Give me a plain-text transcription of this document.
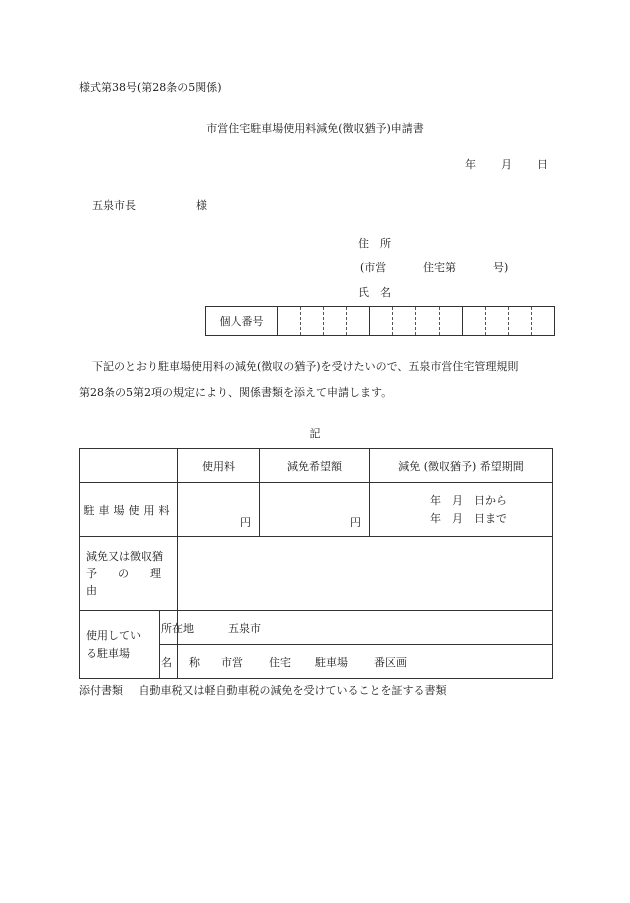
様式第38号(第28条の5関係)
市営住宅駐車場使用料減免(徴収猶予)申請書
年 月 日
五泉市長	様
住　所
(市営	住宅第	号)
氏　名
個人番号
下記のとおり駐車場使用料の減免(徴収の猶予)を受けたいので、五泉市営住宅管理規則
第28条の5第2項の規定により、関係書類を添えて申請します。
記
		使用料	減免希望額	減免 (徴収猶予) 希望期間
駐車場使用料		円	円	年　月　日から
年　月　日まで

減免又は徴収猶
予の理由				

使用してい
る駐車場				

所在地	五泉市
名　称 市営 住宅 駐車場 番区画
添付書類 自動車税又は軽自動車税の減免を受けていることを証する書類
